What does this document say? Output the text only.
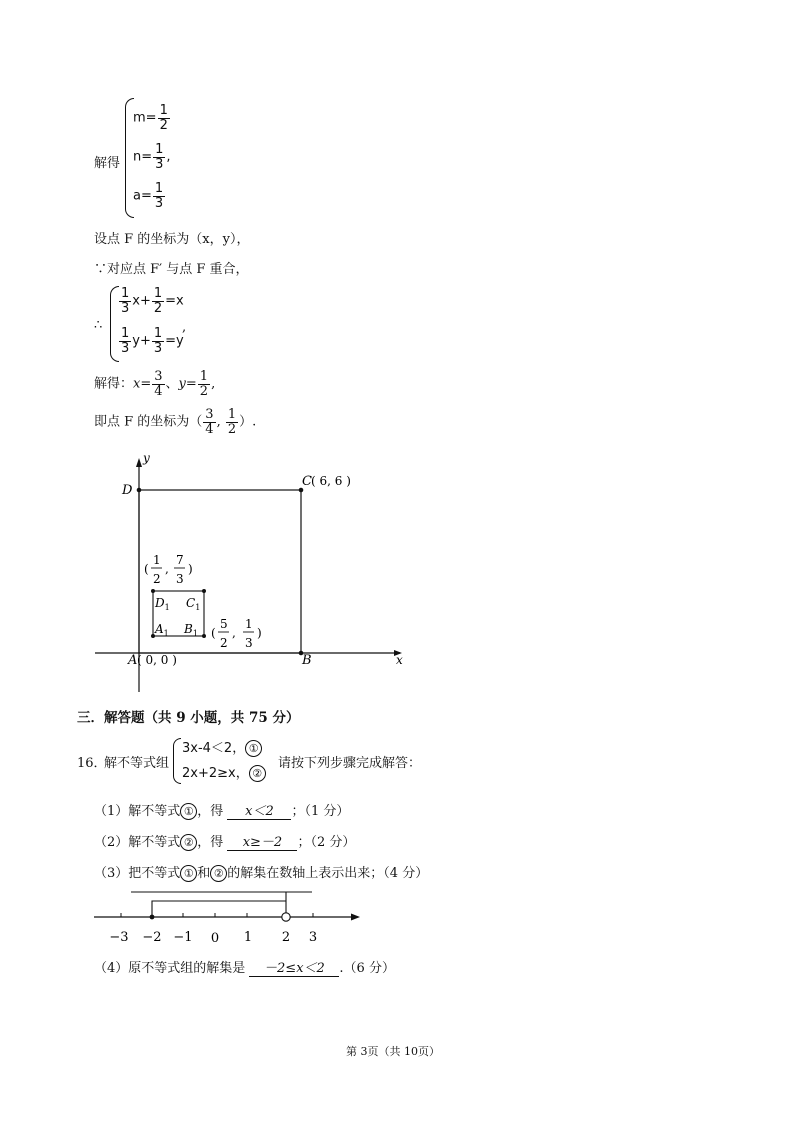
解得
$m= \frac{1}{2}$
$n= \frac{1}{3}$ ,
$a= \frac{1}{3}$
设点 F 的坐标为（x，y），
∵对应点 F′ 与点 F 重合，
∴
$\frac{1}{3} x+ \frac{1}{2} =x$
$\frac{1}{3} y+ \frac{1}{3} =y$
,
解得：$x= \frac{3}{4}$ 、$y= \frac{1}{2}$ ,
即点 F 的坐标为（ $\frac{3}{4}$ , $\frac{1}{2}$ ）.
y
x
D
C ( 6, 6 )
A ( 0, 0 )	B
$D_1$ $C_1$
$A_1$ $B_1$
(
1
2
,
7
3
)
(
5
2
,
1
3
)
三．解答题（共 9 小题，共 75 分）
16．
解不等式组
3x-4＜2， ①
2x+2≥x， ②
请按下列步骤完成解答：
（1）解不等式 ① ，得 x＜2 ；（1 分）
（2）解不等式 ② ，得 x≥－2 ；（2 分）
（3）把不等式 ① 和 ② 的解集在数轴上表示出来；（4 分）
−3 −2 −1 0 1 2 3
（4）原不等式组的解集是 －2≤x＜2 .（6 分）
第 3页（共 10页）
